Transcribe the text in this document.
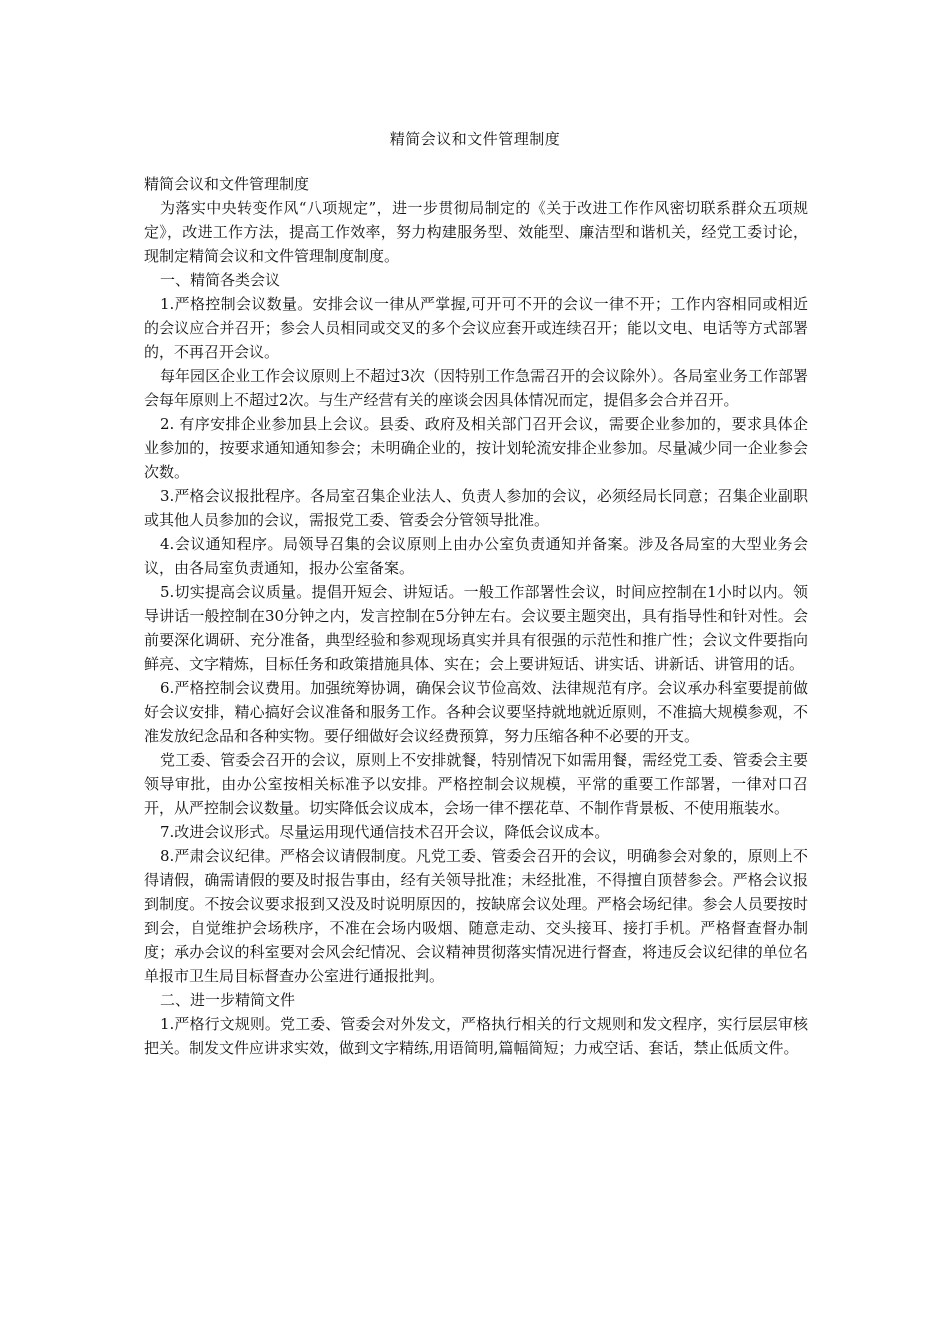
精简会议和文件管理制度

精简会议和文件管理制度

为落实中央转变作风“八项规定”，进一步贯彻局制定的《关于改进工作作风密切联系群众五项规定》，改进工作方法，提高工作效率，努力构建服务型、效能型、廉洁型和谐机关，经党工委讨论，现制定精简会议和文件管理制度制度。

一、精简各类会议

1.严格控制会议数量。安排会议一律从严掌握,可开可不开的会议一律不开；工作内容相同或相近的会议应合并召开；参会人员相同或交叉的多个会议应套开或连续召开；能以文电、电话等方式部署的，不再召开会议。

每年园区企业工作会议原则上不超过3次（因特别工作急需召开的会议除外）。各局室业务工作部署会每年原则上不超过2次。与生产经营有关的座谈会因具体情况而定，提倡多会合并召开。

2. 有序安排企业参加县上会议。县委、政府及相关部门召开会议，需要企业参加的，要求具体企业参加的，按要求通知通知参会；未明确企业的，按计划轮流安排企业参加。尽量减少同一企业参会次数。

3.严格会议报批程序。各局室召集企业法人、负责人参加的会议，必须经局长同意；召集企业副职或其他人员参加的会议，需报党工委、管委会分管领导批准。

4.会议通知程序。局领导召集的会议原则上由办公室负责通知并备案。涉及各局室的大型业务会议，由各局室负责通知，报办公室备案。

5.切实提高会议质量。提倡开短会、讲短话。一般工作部署性会议，时间应控制在1小时以内。领导讲话一般控制在30分钟之内，发言控制在5分钟左右。会议要主题突出，具有指导性和针对性。会前要深化调研、充分准备，典型经验和参观现场真实并具有很强的示范性和推广性；会议文件要指向鲜亮、文字精炼，目标任务和政策措施具体、实在；会上要讲短话、讲实话、讲新话、讲管用的话。

6.严格控制会议费用。加强统筹协调，确保会议节俭高效、法律规范有序。会议承办科室要提前做好会议安排，精心搞好会议准备和服务工作。各种会议要坚持就地就近原则，不准搞大规模参观，不准发放纪念品和各种实物。要仔细做好会议经费预算，努力压缩各种不必要的开支。

党工委、管委会召开的会议，原则上不安排就餐，特别情况下如需用餐，需经党工委、管委会主要领导审批，由办公室按相关标准予以安排。严格控制会议规模，平常的重要工作部署，一律对口召开，从严控制会议数量。切实降低会议成本，会场一律不摆花草、不制作背景板、不使用瓶装水。

7.改进会议形式。尽量运用现代通信技术召开会议，降低会议成本。

8.严肃会议纪律。严格会议请假制度。凡党工委、管委会召开的会议，明确参会对象的，原则上不得请假，确需请假的要及时报告事由，经有关领导批准；未经批准，不得擅自顶替参会。严格会议报到制度。不按会议要求报到又没及时说明原因的，按缺席会议处理。严格会场纪律。参会人员要按时到会，自觉维护会场秩序，不准在会场内吸烟、随意走动、交头接耳、接打手机。严格督查督办制度；承办会议的科室要对会风会纪情况、会议精神贯彻落实情况进行督查，将违反会议纪律的单位名单报市卫生局目标督查办公室进行通报批判。

二、进一步精简文件

1.严格行文规则。党工委、管委会对外发文，严格执行相关的行文规则和发文程序，实行层层审核把关。制发文件应讲求实效，做到文字精练,用语简明,篇幅简短；力戒空话、套话，禁止低质文件。
